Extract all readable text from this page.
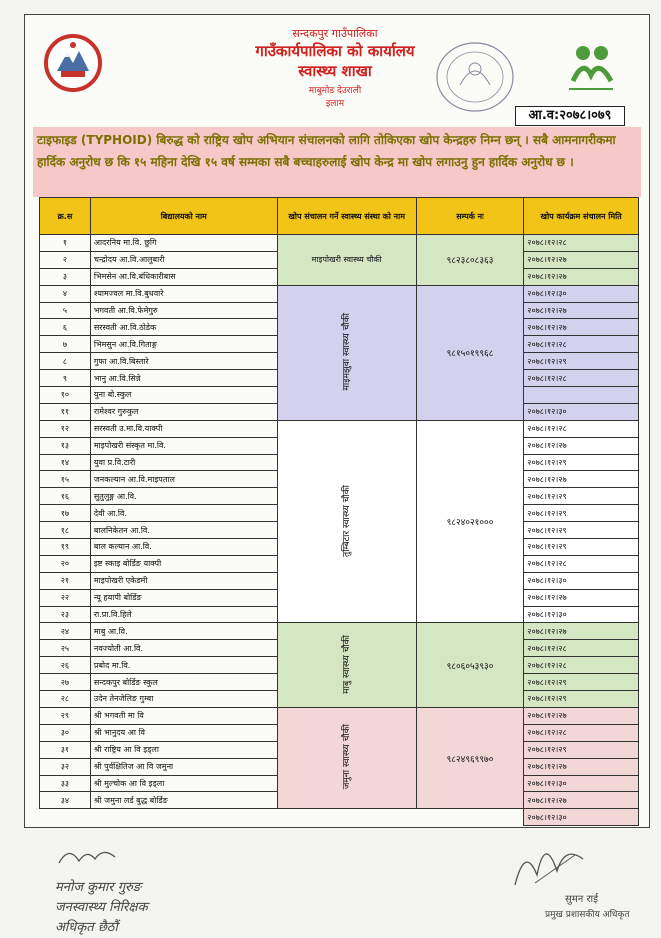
सन्दकपुर गाउँपालिका
गाउँकार्यपालिका को कार्यालय
स्वास्थ्य शाखा
माबुमोड देउराली
इलाम
आ.व:२०७८।०७९
टाइफाइड (TYPHOID) बिरुद्ध को राष्ट्रिय खोप अभियान संचालनको लागि तोकिएका खोप केन्द्रहरु निम्न छन् । सबै आमनागरीकमा हार्दिक अनुरोध छ कि १५ महिना देखि १५ वर्ष सम्मका सबै बच्चाहरुलाई खोप केन्द्र मा खोप लगाउनु हुन हार्दिक अनुरोध छ ।
क्र.स	बिद्यालयको नाम	खोप संचालन गर्ने स्वास्थ्य संस्था को नाम	सम्पर्क नः	खोप कार्यक्रम संचालन मिति
१	आदरनिय मा.वि. छुगि	माइपोखरी स्वास्थ्य चौकी	९८२३८०८३६३	२०७८।१२।२८
२	चन्द्रोदय आ.वि.आलुबारी			२०७८।१२।२७
३	भिमसेन आ.वि.बंधिकारीबास			२०७८।१२।२७
४	श्यामज्वल मा.वि.बुधवारे	माइमझुवा स्वास्थ्य चौकी	९८१५०१९९६८	२०७८।१२।३०
५	भगवती आ.वि.फेमेगुरु			२०७८।१२।२७
६	सरस्वती आ.वि.ठोडेक			२०७८।१२।२७
७	भिमसुन आ.वि.गिताङ्ग			२०७८।१२।२८
८	गुफा आ.वि.बिस्तारे			२०७८।१२।२९
९	भानु आ.वि.सिन्ने			२०७८।१२।२८
१०	युना बो.स्कुल			
११	रामेश्वर गुरुकुल			२०७८।१२।३०
१२	सरस्वती उ.मा.वि.याक्पी	तुम्बिटार स्वास्थ्य चौकी	९८२४०२१०००	२०७८।१२।२८
१३	माइपोखरी संस्कृत मा.वि.			२०७८।१२।२७
१४	युवा प्र.वि.टारी			२०७८।१२।२९
१५	जनकल्यान आ.वि.माइपताल			२०७८।१२।२७
१६	सुतुलुङ्ग आ.वि.			२०७८।१२।२९
१७	देवी आ.वि.			२०७८।१२।२९
१८	बालनिकेतन आ.वि.			२०७८।१२।२९
१९	बाल कल्यान आ.वि.			२०७८।१२।२९
२०	इष्ट स्काइ बोर्डिङ याक्पी			२०७८।१२।२८
२१	माइपोखरी एकेडमी			२०७८।१२।३०
२२	न्यू हयापी बोर्डिङ			२०७८।१२।२७
२३	रा.प्रा.वि.हिले			२०७८।१२।३०
२४	माबु आ.वि.	माबु स्वास्थ्य चौकी	९८०६०५३९३०	२०७८।१२।२७
२५	नवज्योती आ.वि.			२०७८।१२।२८
२६	प्रबोद मा.वि.			२०७८।१२।२८
२७	सन्दकपुर बोर्डिङ स्कुल			२०७८।१२।२९
२८	उदेन तेनजेलिङ गुम्बा			२०७८।१२।२९
२९	श्री भगवती मा वि	जमुना स्वास्थ्य चौकी	९८२४९६९९७०	२०७८।१२।२७
३०	श्री भानुदय आ वि			२०७८।१२।२८
३१	श्री राष्ट्रिय आ वि इड्ला			२०७८।१२।२९
३२	श्री पुर्वक्षितिज आ वि जमुना			२०७८।१२।२७
३३	श्री मुल्चोक आ वि इड्ला			२०७८।१२।३०
३४	श्री जमुना लर्ड बुद्ध बोर्डिङ			२०७८।१२।२७
				२०७८।१२।३०
मनोज कुमार गुरुङ
जनस्वास्थ्य निरिक्षक
अधिकृत छैठौं
सुमन राई
प्रमुख प्रशासकीय अधिकृत
